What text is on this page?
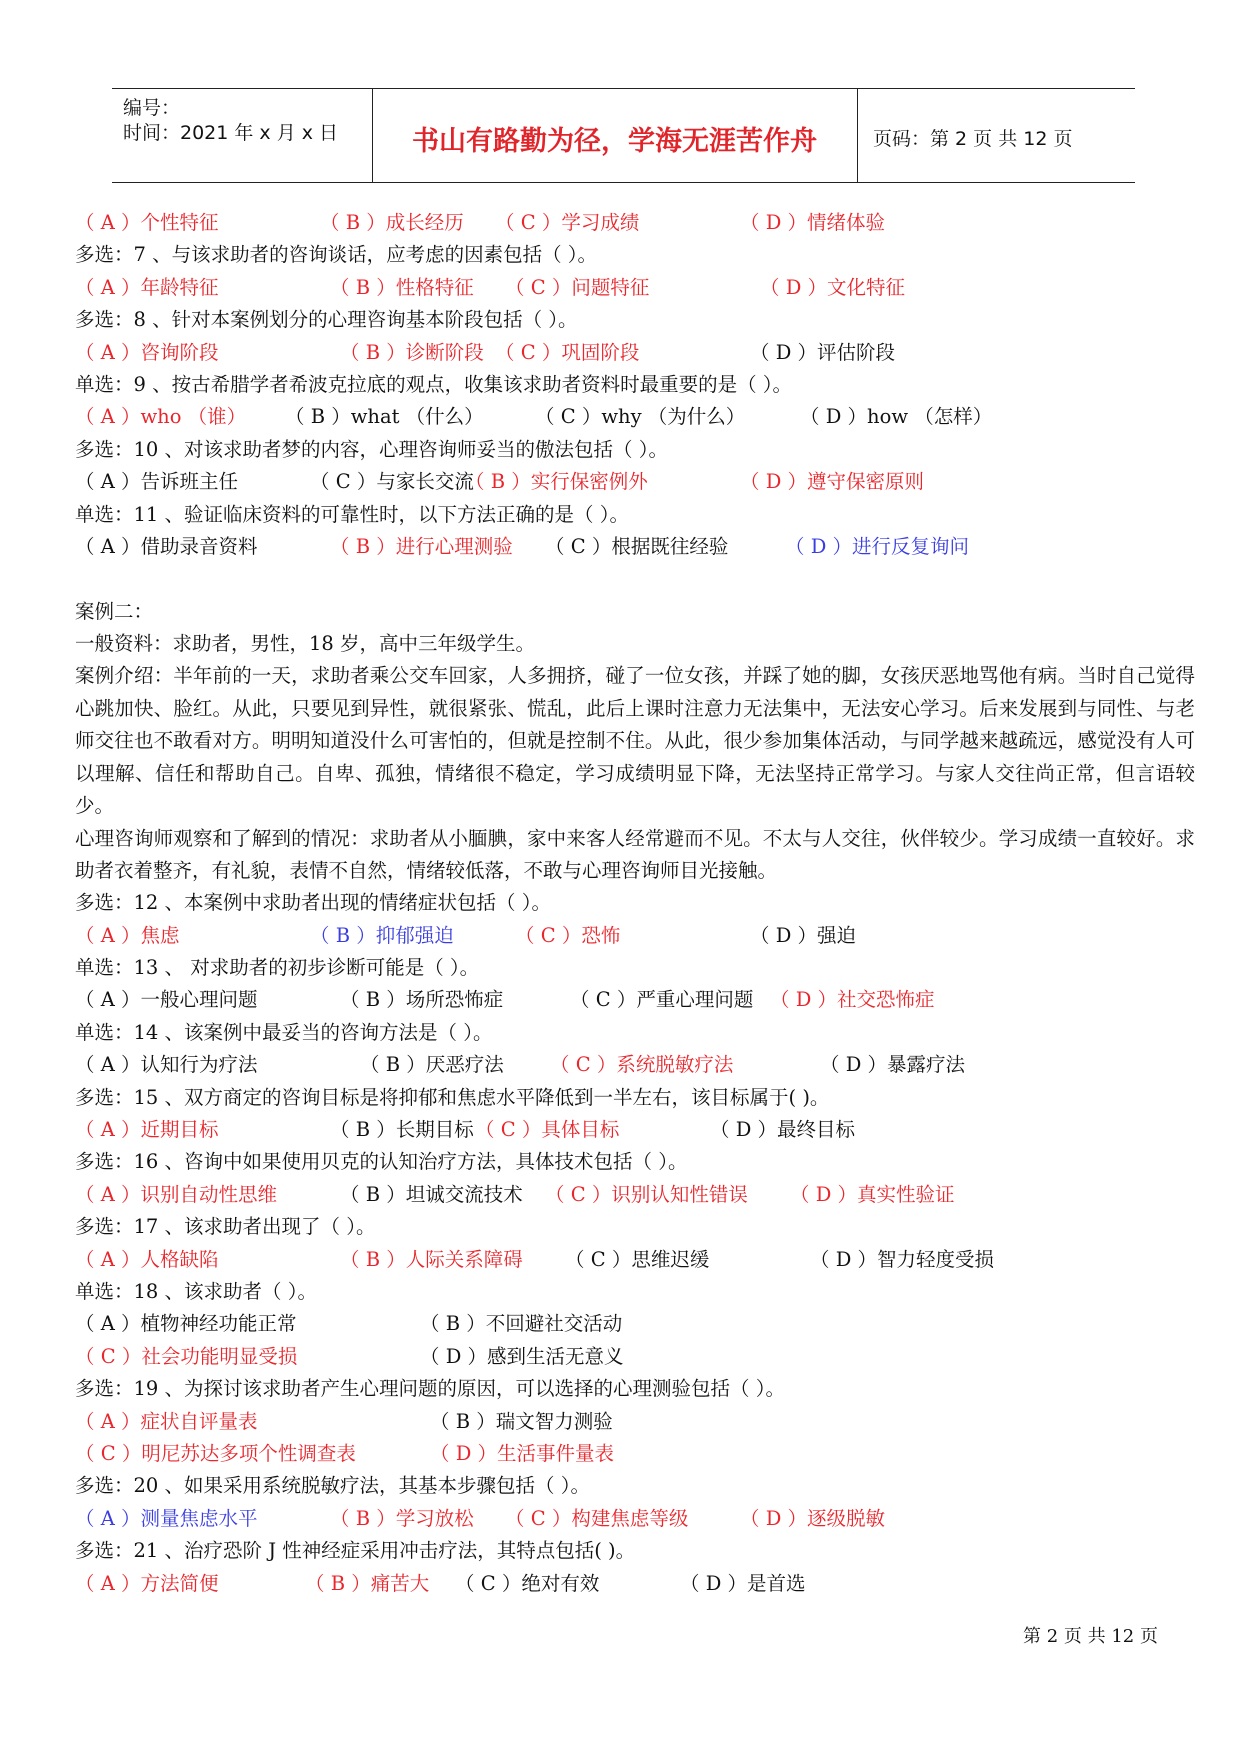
编号：
时间：2021 年 x 月 x 日	书山有路勤为径，学海无涯苦作舟	页码：第 2 页 共 12 页
（ A ）个性特征	（ B ）成长经历 （ C ）学习成绩	（ D ）情绪体验
多选：7 、与该求助者的咨询谈话，应考虑的因素包括（ ）。
（ A ）年龄特征	（ B ）性格特征 （ C ）问题特征	（ D ）文化特征
多选：8 、针对本案例划分的心理咨询基本阶段包括（ ）。
（ A ）咨询阶段	（ B ）诊断阶段 （ C ）巩固阶段	（ D ）评估阶段
单选：9 、按古希腊学者希波克拉底的观点，收集该求助者资料时最重要的是（ ）。
（ A ）who （谁） （ B ）what （什么）	（ C ）why （为什么）	（ D ）how （怎样）
多选：10 、对该求助者梦的内容，心理咨询师妥当的傲法包括（ ）。
（ A ）告诉班主任	（ C ）与家长交流
（ B ）实行保密例外	（ D ）遵守保密原则
单选：11 、验证临床资料的可靠性时，以下方法正确的是（ ）。
（ A ）借助录音资料	（ B ）进行心理测验 （ C ）根据既往经验	（ D ）进行反复询问
案例二：
一般资料：求助者，男性，18 岁，高中三年级学生。
案例介绍：半年前的一天，求助者乘公交车回家，人多拥挤，碰了一位女孩，并踩了她的脚，女孩厌恶地骂他有病。当时自己觉得心跳加快、脸红。从此，只要见到异性，就很紧张、慌乱，此后上课时注意力无法集中，无法安心学习。后来发展到与同性、与老师交往也不敢看对方。明明知道没什么可害怕的，但就是控制不住。从此，很少参加集体活动，与同学越来越疏远，感觉没有人可以理解、信任和帮助自己。自卑、孤独，情绪很不稳定，学习成绩明显下降，无法坚持正常学习。与家人交往尚正常，但言语较少。
心理咨询师观察和了解到的情况：求助者从小腼腆，家中来客人经常避而不见。不太与人交往，伙伴较少。学习成绩一直较好。求助者衣着整齐，有礼貌，表情不自然，情绪较低落，不敢与心理咨询师目光接触。
多选：12 、本案例中求助者出现的情绪症状包括（ ）。
（ A ）焦虑	（ B ）抑郁强迫	（ C ）恐怖	（ D ）强迫
单选：13 、 对求助者的初步诊断可能是（ ）。
（ A ）一般心理问题	（ B ）场所恐怖症	（ C ）严重心理问题 （ D ）社交恐怖症
单选：14 、该案例中最妥当的咨询方法是（ ）。
（ A ）认知行为疗法	（ B ）厌恶疗法 （ C ）系统脱敏疗法	（ D ）暴露疗法
多选：15 、双方商定的咨询目标是将抑郁和焦虑水平降低到一半左右，该目标属于( )。
（ A ）近期目标	（ B ）长期目标 （ C ）具体目标	（ D ）最终目标
多选：16 、咨询中如果使用贝克的认知治疗方法，具体技术包括（ ）。
（ A ）识别自动性思维	（ B ）坦诚交流技术 （ C ）识别认知性错误 （ D ）真实性验证
多选：17 、该求助者出现了（ ）。
（ A ）人格缺陷	（ B ）人际关系障碍 （ C ）思维迟缓	（ D ）智力轻度受损
单选：18 、该求助者（ ）。
（ A ）植物神经功能正常	（ B ）不回避社交活动
（ C ）社会功能明显受损	（ D ）感到生活无意义
多选：19 、为探讨该求助者产生心理问题的原因，可以选择的心理测验包括（ ）。
（ A ）症状自评量表	（ B ）瑞文智力测验
（ C ）明尼苏达多项个性调查表	（ D ）生活事件量表
多选：20 、如果采用系统脱敏疗法，其基本步骤包括（ ）。
（ A ）测量焦虑水平	（ B ）学习放松 （ C ）构建焦虑等级	（ D ）逐级脱敏
多选：21 、治疗恐阶 J 性神经症采用冲击疗法，其特点包括( )。
（ A ）方法简便	（ B ）痛苦大 （ C ）绝对有效	（ D ）是首选
第 2 页 共 12 页
